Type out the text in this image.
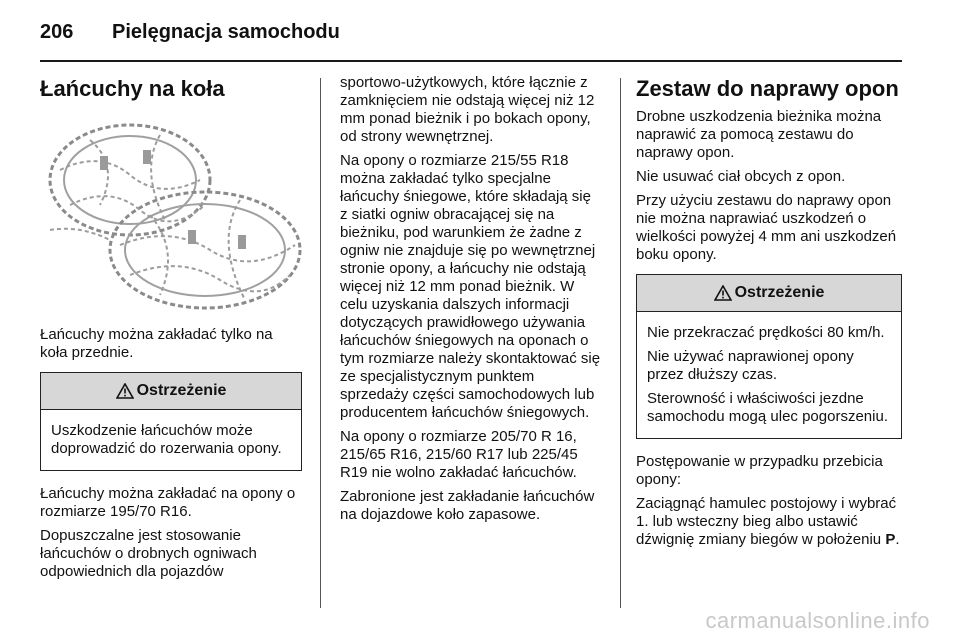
206	Pielęgnacja samochodu
Łańcuchy na koła

Łańcuchy można zakładać tylko na koła przednie.

Ostrzeżenie

Uszkodzenie łańcuchów może doprowadzić do rozerwania opony.

Łańcuchy można zakładać na opony o rozmiarze 195/70 R16.

Dopuszczalne jest stosowanie łańcuchów o drobnych ogniwach odpowiednich dla pojazdów

sportowo-użytkowych, które łącznie z zamknięciem nie odstają więcej niż 12 mm ponad bieżnik i po bokach opony, od strony wewnętrznej.

Na opony o rozmiarze 215/55 R18 można zakładać tylko specjalne łańcuchy śniegowe, które składają się z siatki ogniw obracającej się na bieżniku, pod warunkiem że żadne z ogniw nie znajduje się po wewnętrznej stronie opony, a łańcuchy nie odstają więcej niż 12 mm ponad bieżnik. W celu uzyskania dalszych informacji dotyczących prawidłowego używania łańcuchów śniegowych na oponach o tym rozmiarze należy skontaktować się ze specjalistycznym punktem sprzedaży części samochodowych lub producentem łańcuchów śniegowych.

Na opony o rozmiarze 205/70 R 16, 215/65 R16, 215/60 R17 lub 225/45 R19 nie wolno zakładać łańcuchów.

Zabronione jest zakładanie łańcuchów na dojazdowe koło zapasowe.

Zestaw do naprawy opon

Drobne uszkodzenia bieżnika można naprawić za pomocą zestawu do naprawy opon.

Nie usuwać ciał obcych z opon.

Przy użyciu zestawu do naprawy opon nie można naprawiać uszkodzeń o wielkości powyżej 4 mm ani uszkodzeń boku opony.

Ostrzeżenie

Nie przekraczać prędkości 80 km/h.

Nie używać naprawionej opony przez dłuższy czas.

Sterowność i właściwości jezdne samochodu mogą ulec pogorszeniu.

Postępowanie w przypadku przebicia opony:

Zaciągnąć hamulec postojowy i wybrać 1. lub wsteczny bieg albo ustawić dźwignię zmiany biegów w położeniu P.

carmanualsonline.info
